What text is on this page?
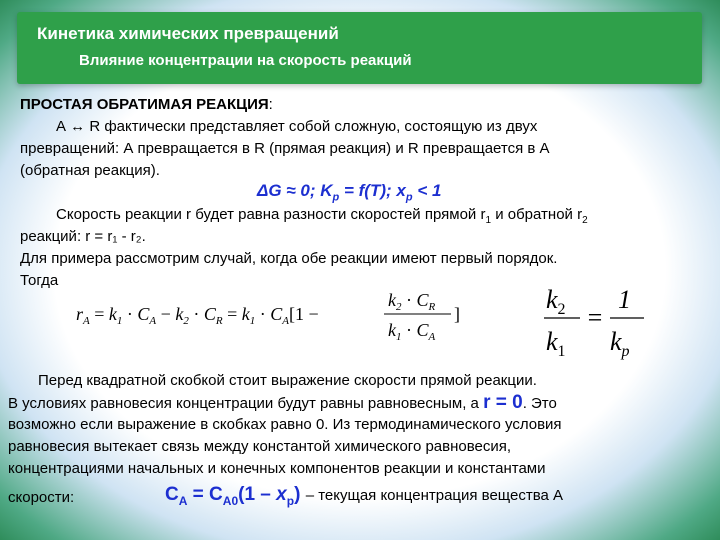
Кинетика химических превращений
Влияние концентрации на скорость реакций
ПРОСТАЯ ОБРАТИМАЯ РЕАКЦИЯ:
А ↔ R фактически представляет собой сложную, состоящую из двух
превращений: А превращается в R (прямая реакция) и R превращается в А
(обратная реакция).
ΔG ≈ 0; $K_p = f(T)$; $x_p < 1$
Скорость реакции r будет равна разности скоростей прямой $r_1$ и обратной $r_2$
реакций: r = r₁ - r₂.
Для примера рассмотрим случай, когда обе реакции имеют первый порядок.
Тогда
$r_A = k_1 \cdot C_A - k_2 \cdot C_R = k_1 \cdot C_A[1$ −
$k_2 \cdot C_R$
$k_1 \cdot C_A$
]	$k_2$
$k_1$
=
1
$k_p$
Перед квадратной скобкой стоит выражение скорости прямой реакции.
В условиях равновесия концентрации будут равны равновесным, а r = 0. Это
возможно если выражение в скобках равно 0. Из термодинамического условия
равновесия вытекает связь между константой химического равновесия,
концентрациями начальных и конечных компонентов реакции и константами
скорости:	$C_A = C_{A0}(1 - x_p)$ – текущая концентрация вещества А
